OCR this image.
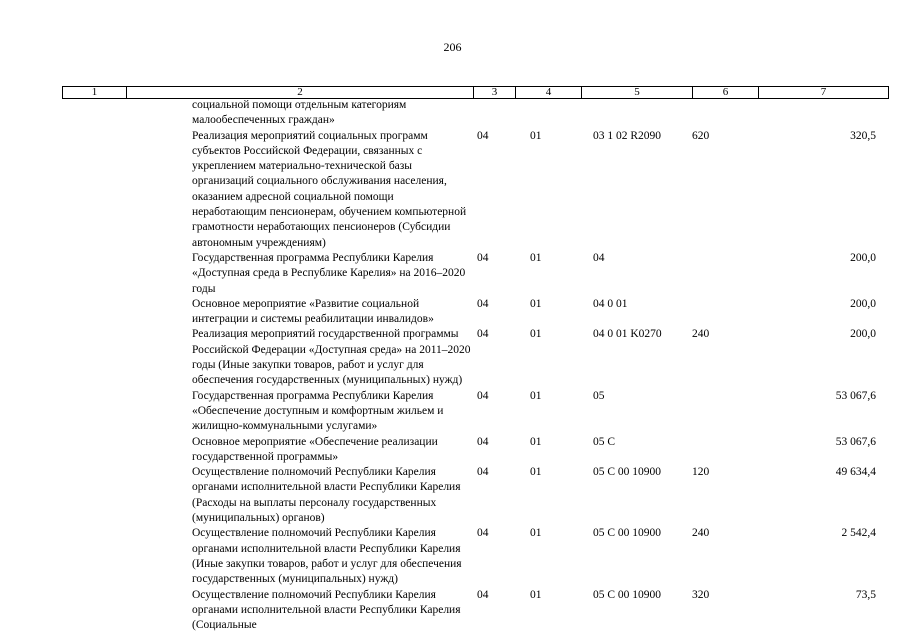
206
1	2	3	4	5	6	7
	социальной помощи отдельным категориям малообеспеченных граждан»					
	Реализация мероприятий социальных программ субъектов Российской Федерации, связанных с укреплением материально-технической базы организаций социального обслуживания населения, оказанием адресной социальной помощи неработающим пенсионерам, обучением компьютерной грамотности неработающих пенсионеров (Субсидии автономным учреждениям)	04	01	03 1 02 R2090	620	320,5
	Государственная программа Республики Карелия «Доступная среда в Республике Карелия» на 2016–2020 годы	04	01	04		200,0
	Основное мероприятие «Развитие социальной интеграции и системы реабилитации инвалидов»	04	01	04 0 01		200,0
	Реализация мероприятий государственной программы Российской Федерации «Доступная среда» на 2011–2020 годы (Иные закупки товаров, работ и услуг для обеспечения государственных (муниципальных) нужд)	04	01	04 0 01 K0270	240	200,0
	Государственная программа Республики Карелия «Обеспечение доступным и комфортным жильем и жилищно-коммунальными услугами»	04	01	05		53 067,6
	Основное мероприятие «Обеспечение реализации государственной программы»	04	01	05 С		53 067,6
	Осуществление полномочий Республики Карелия органами исполнительной власти Республики Карелия (Расходы на выплаты персоналу государственных (муниципальных) органов)	04	01	05 С 00 10900	120	49 634,4
	Осуществление полномочий Республики Карелия органами исполнительной власти Республики Карелия (Иные закупки товаров, работ и услуг для обеспечения государственных (муниципальных) нужд)	04	01	05 С 00 10900	240	2 542,4
	Осуществление полномочий Республики Карелия органами исполнительной власти Республики Карелия (Социальные	04	01	05 С 00 10900	320	73,5
